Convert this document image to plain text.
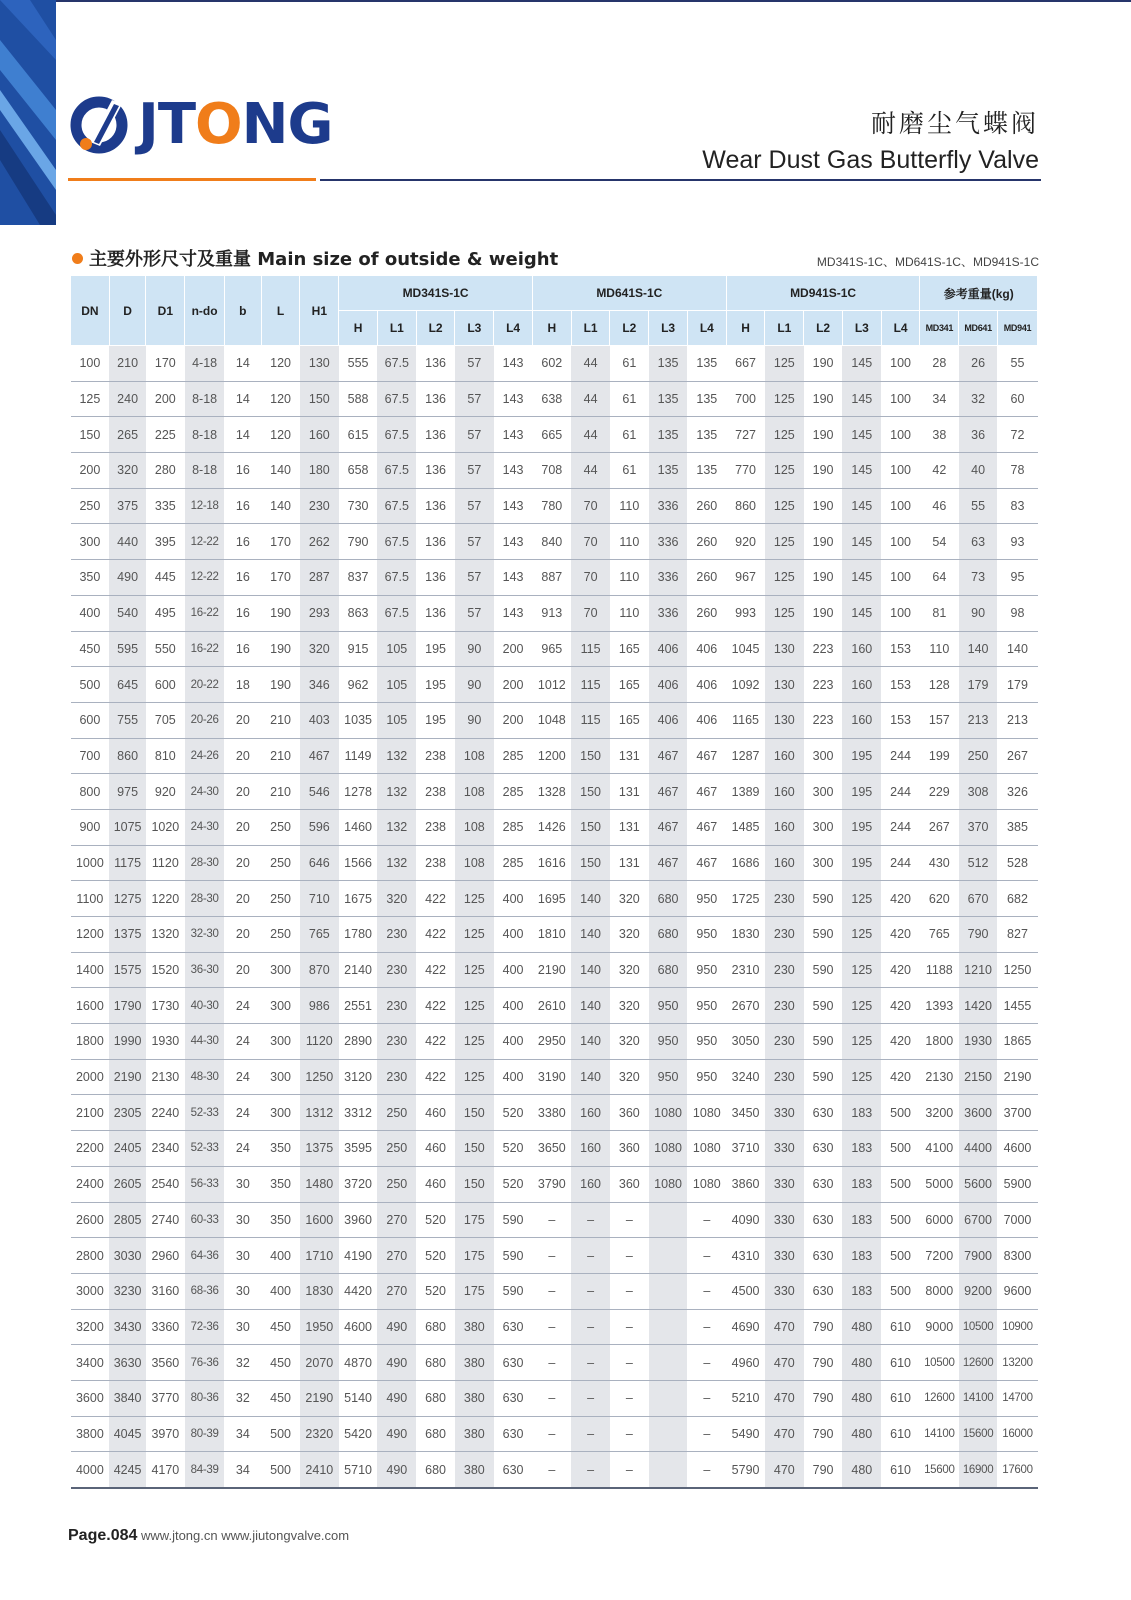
JTONG	耐磨尘气蝶阀
Wear Dust Gas Butterfly Valve
主要外形尺寸及重量 Main size of outside & weight	MD341S-1C、MD641S-1C、MD941S-1C
DN	D	D1	n-do	b	L	H1	MD341S-1C					MD641S-1C					MD941S-1C					参考重量(kg)		
							H	L1	L2	L3	L4	H	L1	L2	L3	L4	H	L1	L2	L3	L4	MD341	MD641	MD941
100	210	170	4-18	14	120	130	555	67.5	136	57	143	602	44	61	135	135	667	125	190	145	100	28	26	55
125	240	200	8-18	14	120	150	588	67.5	136	57	143	638	44	61	135	135	700	125	190	145	100	34	32	60
150	265	225	8-18	14	120	160	615	67.5	136	57	143	665	44	61	135	135	727	125	190	145	100	38	36	72
200	320	280	8-18	16	140	180	658	67.5	136	57	143	708	44	61	135	135	770	125	190	145	100	42	40	78
250	375	335	12-18	16	140	230	730	67.5	136	57	143	780	70	110	336	260	860	125	190	145	100	46	55	83
300	440	395	12-22	16	170	262	790	67.5	136	57	143	840	70	110	336	260	920	125	190	145	100	54	63	93
350	490	445	12-22	16	170	287	837	67.5	136	57	143	887	70	110	336	260	967	125	190	145	100	64	73	95
400	540	495	16-22	16	190	293	863	67.5	136	57	143	913	70	110	336	260	993	125	190	145	100	81	90	98
450	595	550	16-22	16	190	320	915	105	195	90	200	965	115	165	406	406	1045	130	223	160	153	110	140	140
500	645	600	20-22	18	190	346	962	105	195	90	200	1012	115	165	406	406	1092	130	223	160	153	128	179	179
600	755	705	20-26	20	210	403	1035	105	195	90	200	1048	115	165	406	406	1165	130	223	160	153	157	213	213
700	860	810	24-26	20	210	467	1149	132	238	108	285	1200	150	131	467	467	1287	160	300	195	244	199	250	267
800	975	920	24-30	20	210	546	1278	132	238	108	285	1328	150	131	467	467	1389	160	300	195	244	229	308	326
900	1075	1020	24-30	20	250	596	1460	132	238	108	285	1426	150	131	467	467	1485	160	300	195	244	267	370	385
1000	1175	1120	28-30	20	250	646	1566	132	238	108	285	1616	150	131	467	467	1686	160	300	195	244	430	512	528
1100	1275	1220	28-30	20	250	710	1675	320	422	125	400	1695	140	320	680	950	1725	230	590	125	420	620	670	682
1200	1375	1320	32-30	20	250	765	1780	230	422	125	400	1810	140	320	680	950	1830	230	590	125	420	765	790	827
1400	1575	1520	36-30	20	300	870	2140	230	422	125	400	2190	140	320	680	950	2310	230	590	125	420	1188	1210	1250
1600	1790	1730	40-30	24	300	986	2551	230	422	125	400	2610	140	320	950	950	2670	230	590	125	420	1393	1420	1455
1800	1990	1930	44-30	24	300	1120	2890	230	422	125	400	2950	140	320	950	950	3050	230	590	125	420	1800	1930	1865
2000	2190	2130	48-30	24	300	1250	3120	230	422	125	400	3190	140	320	950	950	3240	230	590	125	420	2130	2150	2190
2100	2305	2240	52-33	24	300	1312	3312	250	460	150	520	3380	160	360	1080	1080	3450	330	630	183	500	3200	3600	3700
2200	2405	2340	52-33	24	350	1375	3595	250	460	150	520	3650	160	360	1080	1080	3710	330	630	183	500	4100	4400	4600
2400	2605	2540	56-33	30	350	1480	3720	250	460	150	520	3790	160	360	1080	1080	3860	330	630	183	500	5000	5600	5900
2600	2805	2740	60-33	30	350	1600	3960	270	520	175	590	–	–	–		–	4090	330	630	183	500	6000	6700	7000
2800	3030	2960	64-36	30	400	1710	4190	270	520	175	590	–	–	–		–	4310	330	630	183	500	7200	7900	8300
3000	3230	3160	68-36	30	400	1830	4420	270	520	175	590	–	–	–		–	4500	330	630	183	500	8000	9200	9600
3200	3430	3360	72-36	30	450	1950	4600	490	680	380	630	–	–	–		–	4690	470	790	480	610	9000	10500	10900
3400	3630	3560	76-36	32	450	2070	4870	490	680	380	630	–	–	–		–	4960	470	790	480	610	10500	12600	13200
3600	3840	3770	80-36	32	450	2190	5140	490	680	380	630	–	–	–		–	5210	470	790	480	610	12600	14100	14700
3800	4045	3970	80-39	34	500	2320	5420	490	680	380	630	–	–	–		–	5490	470	790	480	610	14100	15600	16000
4000	4245	4170	84-39	34	500	2410	5710	490	680	380	630	–	–	–		–	5790	470	790	480	610	15600	16900	17600
Page.084 www.jtong.cn www.jiutongvalve.com
